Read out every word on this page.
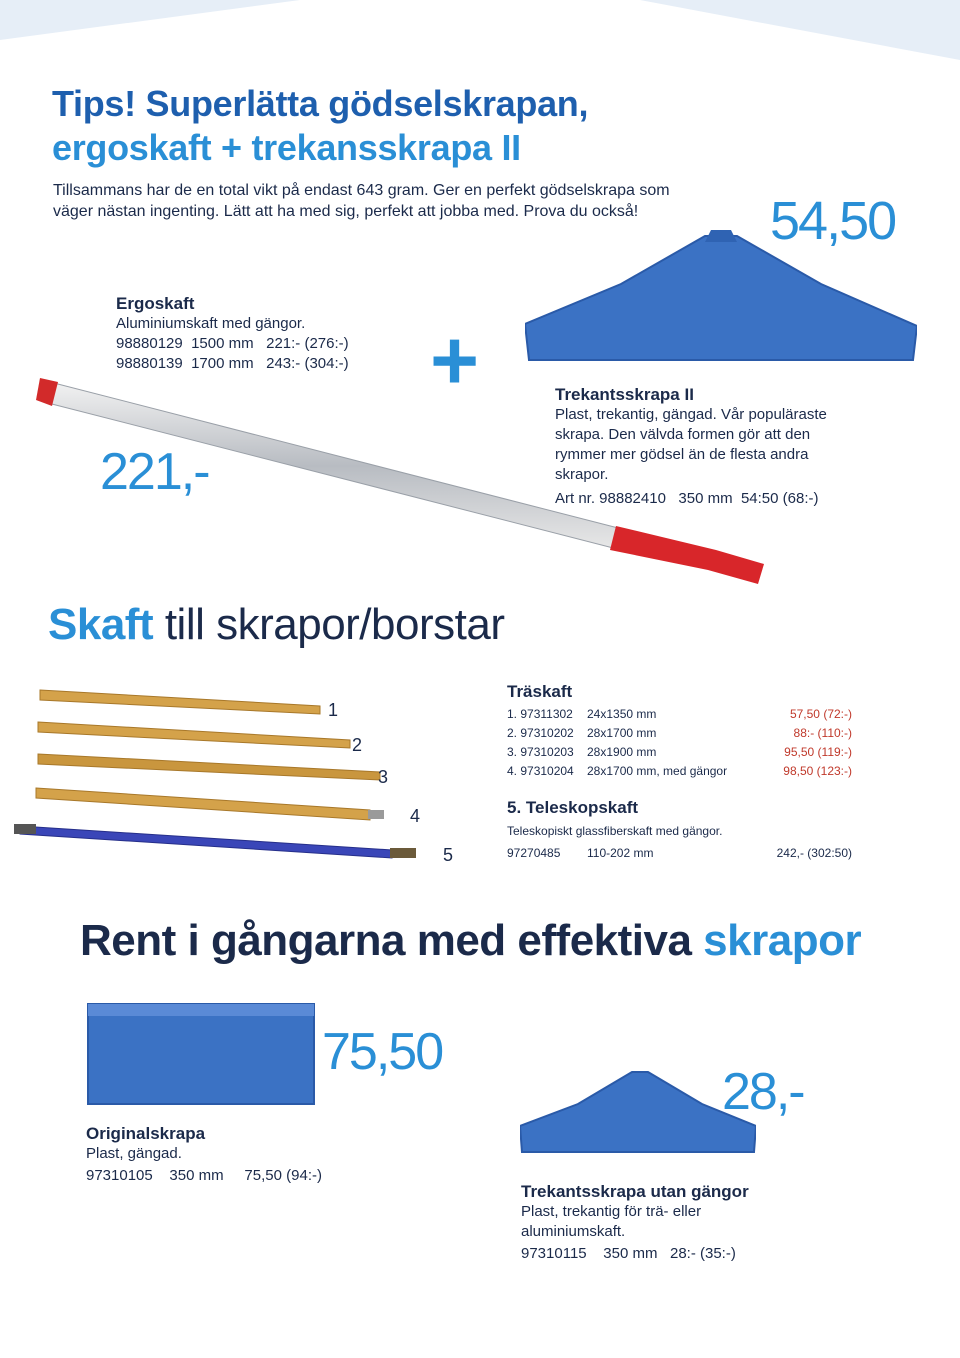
Tips! Superlätta gödselskrapan,
ergoskaft + trekansskrapa II
Tillsammans har de en total vikt på endast 643 gram. Ger en perfekt gödselskrapa som
väger nästan ingenting. Lätt att ha med sig, perfekt att jobba med. Prova du också!	54,50
Ergoskaft
Aluminiumskaft med gängor.
98880129  1500 mm   221:- (276:-)
98880139  1700 mm   243:- (304:-) +
221,-
Trekantsskrapa II
Plast, trekantig, gängad. Vår populäraste
skrapa. Den välvda formen gör att den
rymmer mer gödsel än de flesta andra
skrapor.
Art nr. 98882410   350 mm  54:50 (68:-)
Skaft till skrapor/borstar
1
2
3
4
5
Träskaft
1. 97311302	24x1350 mm	57,50 (72:-)
2. 97310202	28x1700 mm	88:- (110:-)
3. 97310203	28x1900 mm	95,50 (119:-)
4. 97310204	28x1700 mm, med gängor	98,50 (123:-)
5. Teleskopskaft
Teleskopiskt glassfiberskaft med gängor.
97270485	110-202 mm	242,- (302:50)
Rent i gångarna med effektiva skrapor
75,50
Originalskrapa
Plast, gängad.
97310105    350 mm     75,50 (94:-)
28,-
Trekantsskrapa utan gängor
Plast, trekantig för trä- eller
aluminiumskaft.
97310115    350 mm   28:- (35:-)
